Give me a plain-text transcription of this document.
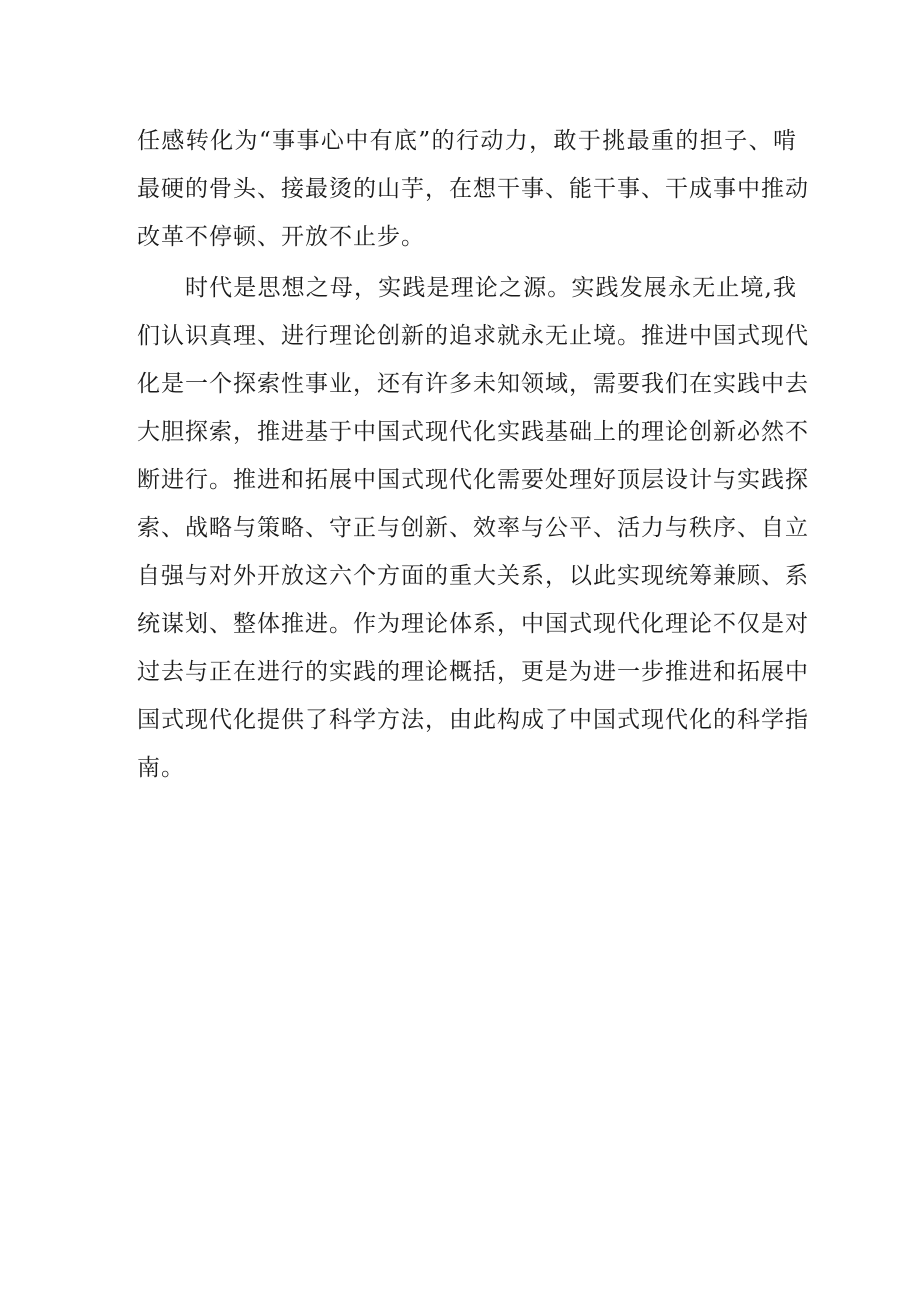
任感转化为“事事心中有底”的行动力，敢于挑最重的担子、啃
最硬的骨头、接最烫的山芋，在想干事、能干事、干成事中推动
改革不停顿、开放不止步。
时代是思想之母，实践是理论之源。实践发展永无止境,我
们认识真理、进行理论创新的追求就永无止境。推进中国式现代
化是一个探索性事业，还有许多未知领域，需要我们在实践中去
大胆探索，推进基于中国式现代化实践基础上的理论创新必然不
断进行。推进和拓展中国式现代化需要处理好顶层设计与实践探
索、战略与策略、守正与创新、效率与公平、活力与秩序、自立
自强与对外开放这六个方面的重大关系，以此实现统筹兼顾、系
统谋划、整体推进。作为理论体系，中国式现代化理论不仅是对
过去与正在进行的实践的理论概括，更是为进一步推进和拓展中
国式现代化提供了科学方法，由此构成了中国式现代化的科学指
南。
